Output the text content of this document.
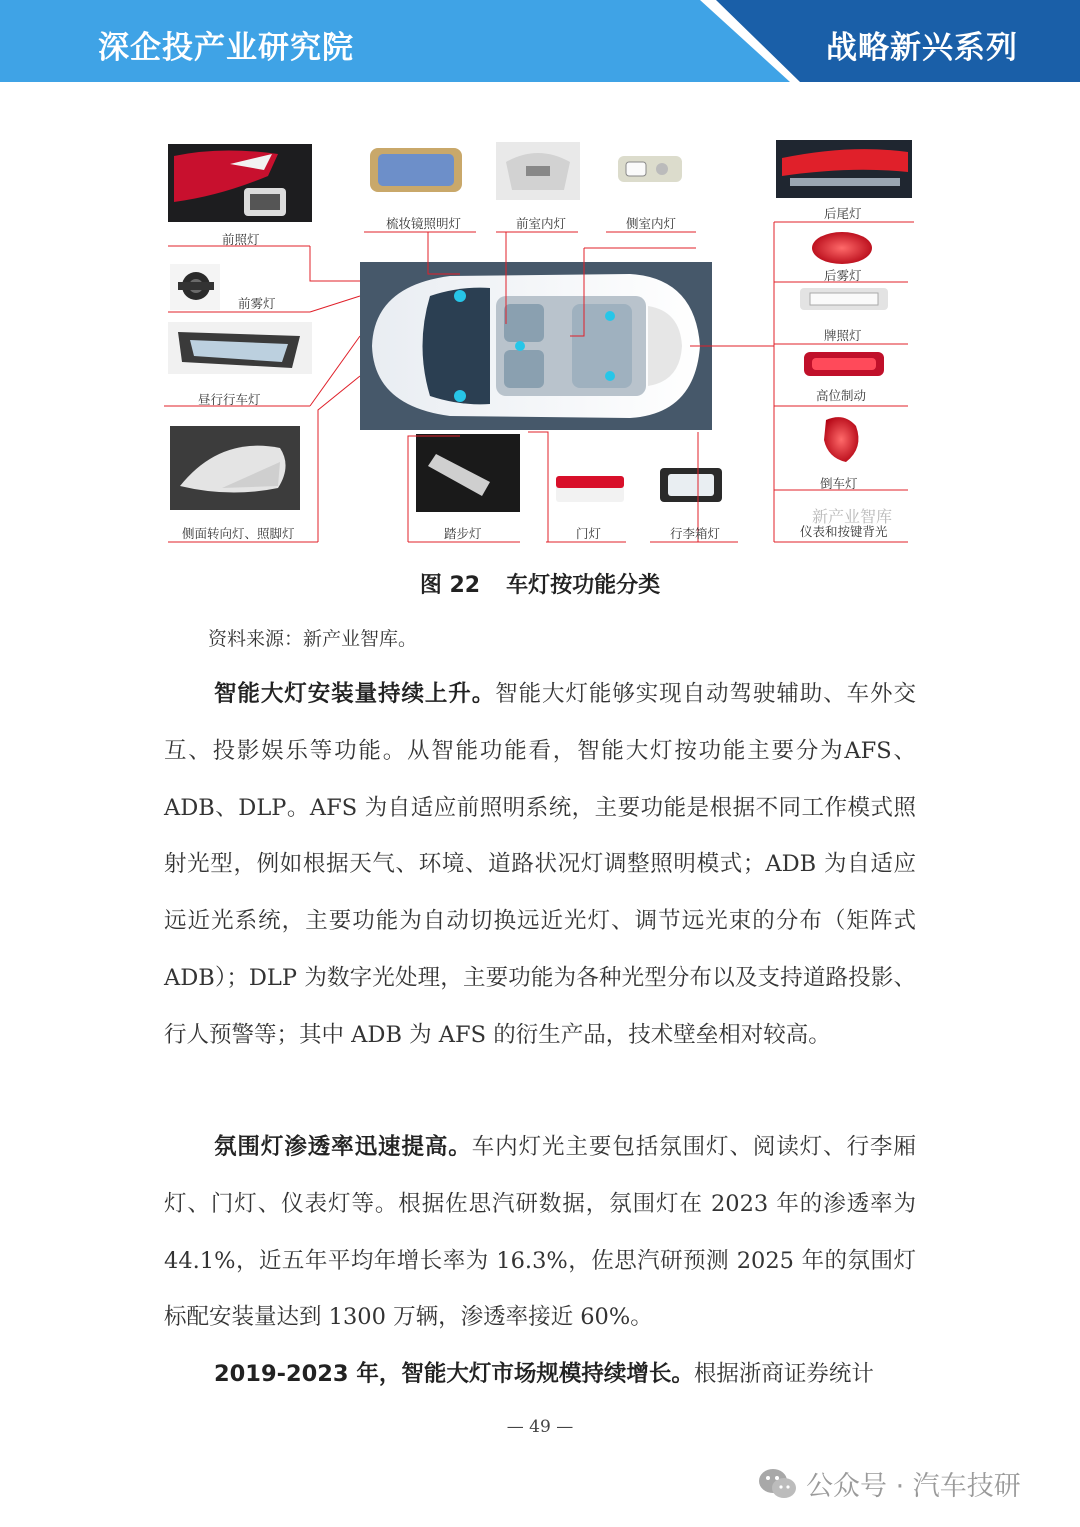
深企投产业研究院	战略新兴系列
前照灯
前雾灯
昼行行车灯
侧面转向灯、照脚灯
梳妆镜照明灯	前室内灯	侧室内灯
踏步灯	门灯	行李箱灯
后尾灯
后雾灯
牌照灯
高位制动
倒车灯
仪表和按键背光
新产业智库
图 22 车灯按功能分类
资料来源：新产业智库。
智能大灯安装量持续上升。智能大灯能够实现自动驾驶辅助、车外交互、投影娱乐等功能。从智能功能看，智能大灯按功能主要分为AFS、ADB、DLP。AFS 为自适应前照明系统，主要功能是根据不同工作模式照射光型，例如根据天气、环境、道路状况灯调整照明模式；ADB 为自适应远近光系统，主要功能为自动切换远近光灯、调节远光束的分布（矩阵式 ADB）；DLP 为数字光处理，主要功能为各种光型分布以及支持道路投影、行人预警等；其中 ADB 为 AFS 的衍生产品，技术壁垒相对较高。
氛围灯渗透率迅速提高。车内灯光主要包括氛围灯、阅读灯、行李厢灯、门灯、仪表灯等。根据佐思汽研数据，氛围灯在 2023 年的渗透率为 44.1%，近五年平均年增长率为 16.3%，佐思汽研预测 2025 年的氛围灯标配安装量达到 1300 万辆，渗透率接近 60%。
2019-2023 年，智能大灯市场规模持续增长。根据浙商证券统计
— 49 —
公众号 · 汽车技研
